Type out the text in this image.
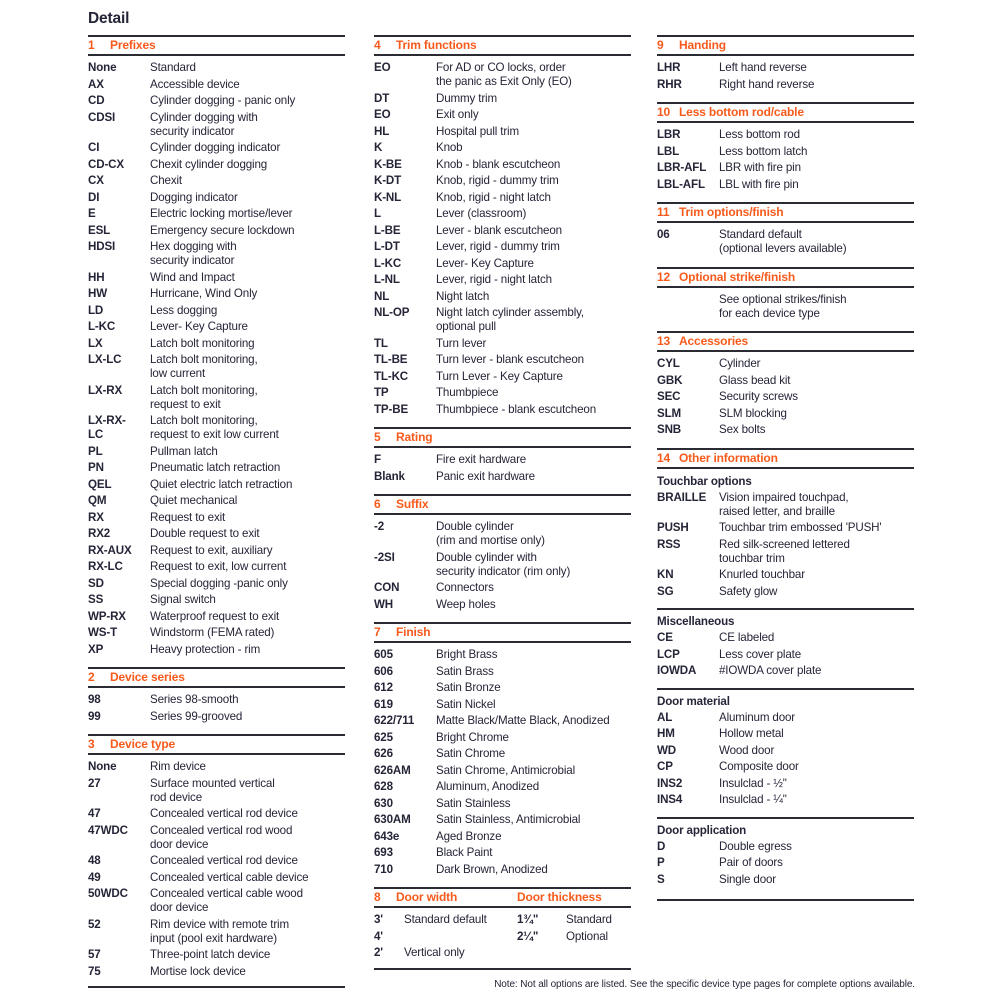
Detail
1 Prefixes
None	Standard
AX	Accessible device
CD	Cylinder dogging - panic only
CDSI	Cylinder dogging with
security indicator
CI	Cylinder dogging indicator
CD-CX Chexit cylinder dogging
CX	Chexit
DI	Dogging indicator
E	Electric locking mortise/lever
ESL	Emergency secure lockdown
HDSI	Hex dogging with
security indicator
HH	Wind and Impact
HW	Hurricane, Wind Only
LD	Less dogging
L-KC	Lever- Key Capture
LX	Latch bolt monitoring
LX-LC Latch bolt monitoring,
low current
LX-RX Latch bolt monitoring,
request to exit
LX-RX-
LC
Latch bolt monitoring,
request to exit low current
PL	Pullman latch
PN	Pneumatic latch retraction
QEL	Quiet electric latch retraction
QM	Quiet mechanical
RX	Request to exit
RX2	Double request to exit
RX-AUX Request to exit, auxiliary
RX-LC Request to exit, low current
SD	Special dogging -panic only
SS	Signal switch
WP-RX Waterproof request to exit
WS-T	Windstorm (FEMA rated)
XP	Heavy protection - rim
2 Device series
98	Series 98-smooth
99	Series 99-grooved
3 Device type
None	Rim device
27	Surface mounted vertical
rod device
47	Concealed vertical rod device
47WDC Concealed vertical rod wood
door device
48	Concealed vertical rod device
49	Concealed vertical cable device
50WDC Concealed vertical cable wood
door device
52	Rim device with remote trim
input (pool exit hardware)
57	Three-point latch device
75	Mortise lock device
4 Trim functions
EO	For AD or CO locks, order
the panic as Exit Only (EO)
DT	Dummy trim
EO	Exit only
HL	Hospital pull trim
K	Knob
K-BE	Knob - blank escutcheon
K-DT	Knob, rigid - dummy trim
K-NL	Knob, rigid - night latch
L	Lever (classroom)
L-BE	Lever - blank escutcheon
L-DT	Lever, rigid - dummy trim
L-KC	Lever- Key Capture
L-NL	Lever, rigid - night latch
NL	Night latch
NL-OP Night latch cylinder assembly,
optional pull
TL	Turn lever
TL-BE Turn lever - blank escutcheon
TL-KC Turn Lever - Key Capture
TP	Thumbpiece
TP-BE Thumbpiece - blank escutcheon
5 Rating
F	Fire exit hardware
Blank	Panic exit hardware
6 Suffix
-2	Double cylinder
(rim and mortise only)
-2SI	Double cylinder with
security indicator (rim only)
CON	Connectors
WH	Weep holes
7 Finish
605	Bright Brass
606	Satin Brass
612	Satin Bronze
619	Satin Nickel
622/711 Matte Black/Matte Black, Anodized
625	Bright Chrome
626	Satin Chrome
626AM Satin Chrome, Antimicrobial
628	Aluminum, Anodized
630	Satin Stainless
630AM Satin Stainless, Antimicrobial
643e	Aged Bronze
693	Black Paint
710	Dark Brown, Anodized
8 Door width	Door thickness
3' Standard default	1¾" Standard
4'	2¼" Optional
2' Vertical only
9 Handing
LHR	Left hand reverse
RHR	Right hand reverse
10 Less bottom rod/cable
LBR	Less bottom rod
LBL	Less bottom latch
LBR-AFL LBR with fire pin
LBL-AFL LBL with fire pin
11 Trim options/finish
06	Standard default
(optional levers available)
12 Optional strike/finish
See optional strikes/finish
for each device type
13 Accessories
CYL	Cylinder
GBK	Glass bead kit
SEC	Security screws
SLM	SLM blocking
SNB	Sex bolts
14 Other information
Touchbar options
BRAILLE Vision impaired touchpad,
raised letter, and braille
PUSH	Touchbar trim embossed 'PUSH'
RSS	Red silk-screened lettered
touchbar trim
KN	Knurled touchbar
SG	Safety glow
Miscellaneous
CE	CE labeled
LCP	Less cover plate
IOWDA #IOWDA cover plate
Door material
AL	Aluminum door
HM	Hollow metal
WD	Wood door
CP	Composite door
INS2	Insulclad - ½"
INS4	Insulclad - ¼"
Door application
D	Double egress
P	Pair of doors
S	Single door
Note: Not all options are listed. See the specific device type pages for complete options available.
